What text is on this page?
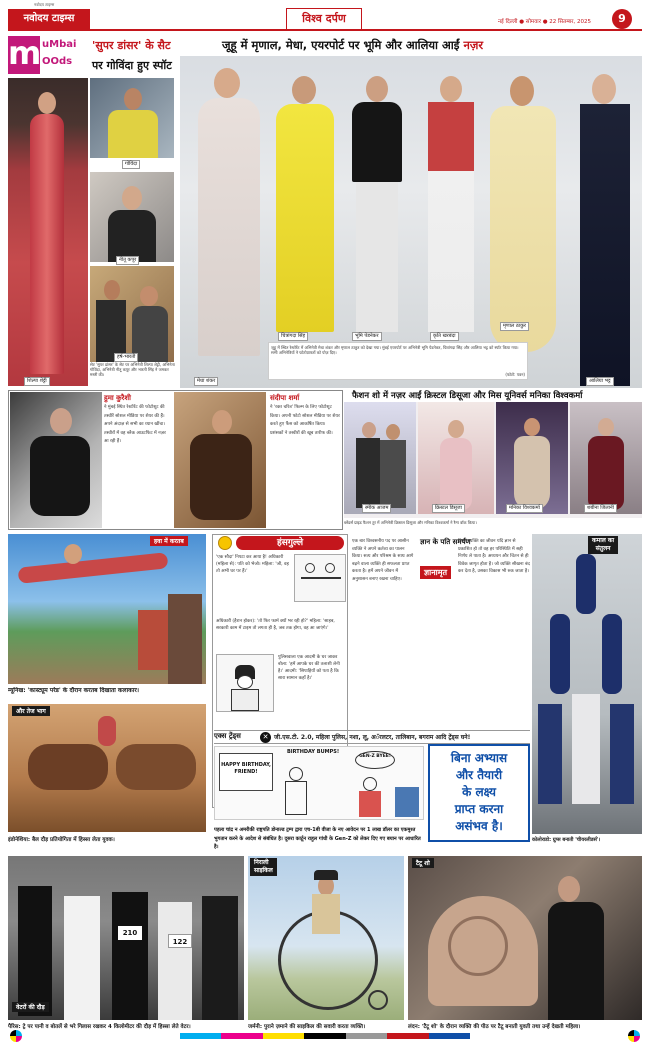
नवोदय टाइम्स
नवोदय टाइम्स	विश्व दर्पण	नई दिल्ली ● सोमवार ● 22 सितम्बर, 2025	9
m uMbai
OOds
'सुपर डांसर' के सैट
पर गोविंदा हुए स्पॉट
शिल्पा शेट्टी
गोविंदा
नीतू कपूर
हर्ष-भारती
सेट 'सुपर डांसर' के सेट पर अभिनेत्री शिल्पा शेट्टी, अभिनेता गोविंदा, अभिनेत्री नीतू कपूर और भारती सिंह ने जमकर मस्ती की।
जूहू में मृणाल, मेधा, एयरपोर्ट पर भूमि और आलिया आईं नज़र
मेधा शंकर
चित्रांगदा सिंह	भूमि पेडनेकर	कृति खरबंदा
मृणाल ठाकुर
आलिया भट्ट
जूहू में स्थित रेस्टोरेंट में अभिनेत्री मेधा शंकर और मृणाल ठाकुर को देखा गया। मुंबई एयरपोर्ट पर अभिनेत्री भूमि पेडनेकर, चित्रांगदा सिंह और आलिया भट्ट को स्पॉट किया गया। सभी अभिनेत्रियों ने फोटोग्राफरों को पोज़ दिए।
(फोटो: पवन)
हुमा कुरैशी
ने मुंबई स्थित रेस्टोरेंट की फोटोशूट की तस्वीरें सोशल मीडिया पर शेयर की हैं। अपने अंदाज़ से सभी का ध्यान खींचा। तस्वीरों में वह ब्लैक आउटफिट में नज़र आ रही हैं।
संदीपा शर्मा
ने 'रक्त चरित्र' फिल्म के लिए फोटोशूट किया। अपनी फोटो सोशल मीडिया पर शेयर करते हुए फैंस को आकर्षित किया। प्रशंसकों ने तस्वीरों की खूब तारीफ की।
फैशन शो में नज़र आईं क्रिस्टल डिसूजा और मिस यूनिवर्स मनिका विश्वकर्मा
स्मीक आजम	क्रिस्टल डिसूजा	मनिका विश्वकर्मा	शबीना जिलानी
ब्लेंडर्स प्राइड फैशन टूर में अभिनेत्री क्रिस्टल डिसूजा और मनिका विश्वकर्मा ने रैम्प वॉक किया।
हवा में करतब
म्यूनिख: 'कास्ट्यूम परेड' के दौरान करतब दिखाता कलाकार।
हंसगुल्ले
'एक सौदा' निपटा कर आया है! अधिकारी (महिला से): पति को भेजो। महिला: 'जी, वह तो अभी घर पर हैं।'
अधिकारी (हैरान होकर): 'तो फिर फार्म क्यों भर रही हो?' महिला: 'साहब, सरकारी काम में टाइम तो लगता ही है, जब तक होगा, वह आ जाएंगे।'
पुलिसवाला एक आदमी के घर जाकर बोला: 'हमें आपके घर की तलाशी लेनी है।' आदमी: 'सिपाहियों को पता है कि सारा सामान कहाँ है।'
एक बार विश्वसनीय पद पर आसीन व्यक्ति ने अपने कर्तव्य का पालन किया। सत्य और परिश्रम के साथ आगे बढ़ने वाला व्यक्ति ही सफलता प्राप्त करता है। हमें अपने जीवन में अनुशासन बनाए रखना चाहिए।
ज्ञान के पति समर्पण
ज्ञानामृत
किसी व्यक्ति का जीवन यदि ज्ञान से प्रकाशित हो तो वह हर परिस्थिति में सही निर्णय ले पाता है। अध्ययन और चिंतन से ही विवेक जागृत होता है। जो व्यक्ति सीखना बंद कर देता है, उसका विकास भी रुक जाता है।
कमाल का
संतुलन
कोलोराडो: ग्रुप्स बनाती 'चीयरलीडर्स'।
और तेज भाग
इंडोनेशिया: बैल दौड़ प्रतियोगिता में हिस्सा लेता युवक।
एक्स ट्रेंड्स	✕ जी.एस.टी. 2.0, महिला पुलिस, नशा, लू, अॅरलटर, तालिबान, बगराम आदि ट्रेंड्स घने!
HAPPY BIRTHDAY, FRIEND!
BIRTHDAY BUMPS!
GEN-Z BYEE!	बिना अभ्यास
और तैयारी
के लक्ष्य
प्राप्त करना
असंभव है।
पहला चांद्र न अमरीकी राष्ट्रपति डोनाल्ड ट्रम्प द्वारा एच-1बी वीजा के नए आवेदन पर 1 लाख डॉलर का एकमुश्त भुगतान करने के आदेश से संबंधित है। दूसरा कार्टून राहुल गांधी के Gen-Z को लेकर दिए गए बयान पर आधारित है।
210
122
वेटरों की दौड़
पैरिस: ट्रे पर पानी व बोतलें से भरे गिलास रखकर 4 किलोमीटर की दौड़ में हिस्सा लेते वेटर।
निराली
साइकिल
जर्मनी: पुराने ज़माने की साइकिल की सवारी करता व्यक्ति।
टैटू शो
लंदन: 'टैटू शो' के दौरान व्यक्ति की पीठ पर टैटू बनाती युवती तथा उन्हें देखती महिला।
